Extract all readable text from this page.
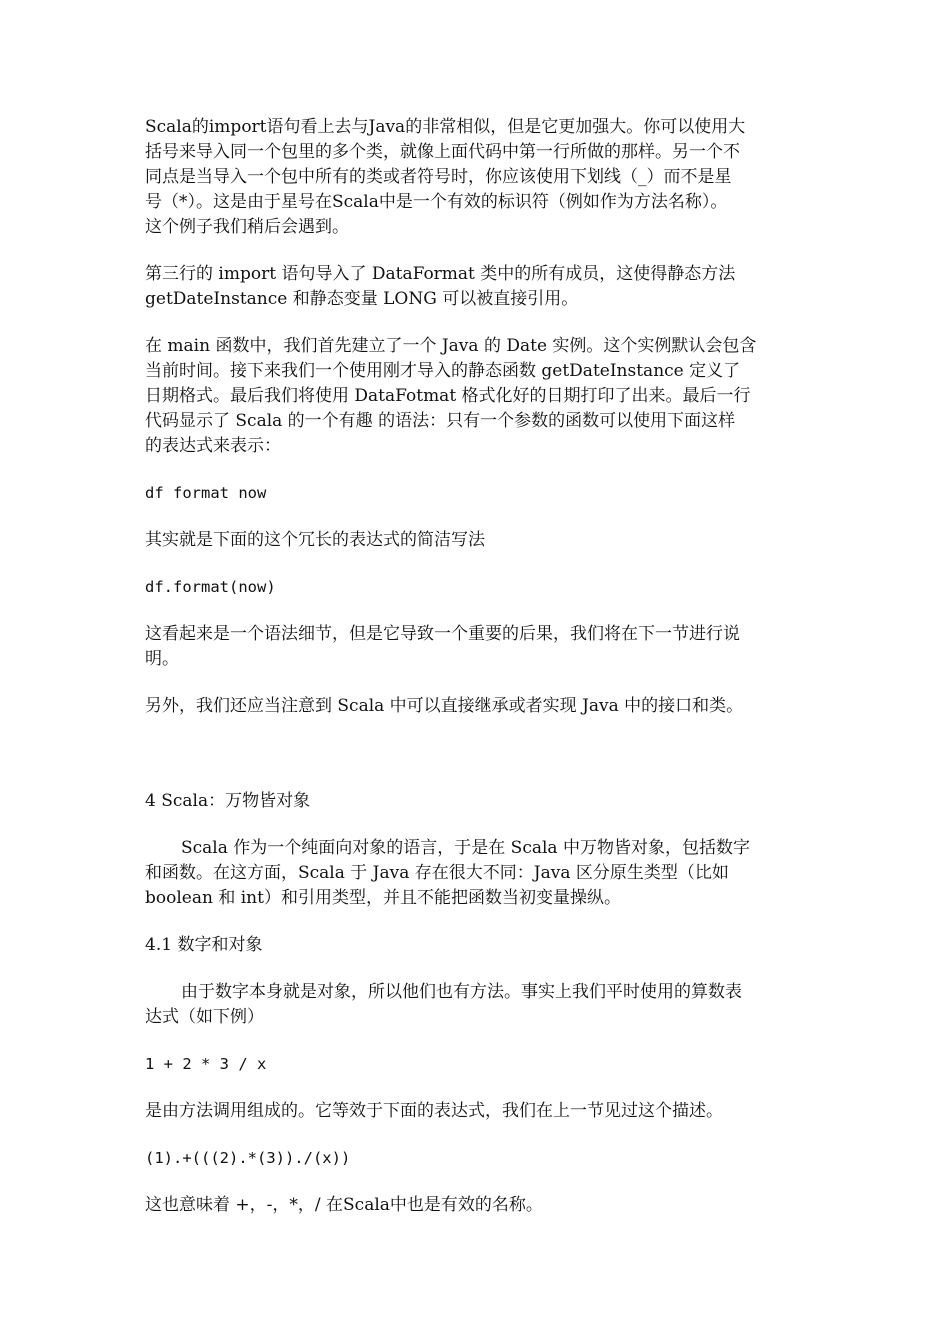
Scala的import语句看上去与Java的非常相似，但是它更加强大。你可以使用大
括号来导入同一个包里的多个类，就像上面代码中第一行所做的那样。另一个不
同点是当导入一个包中所有的类或者符号时，你应该使用下划线（_）而不是星
号（*）。这是由于星号在Scala中是一个有效的标识符（例如作为方法名称）。
这个例子我们稍后会遇到。
第三行的 import 语句导入了 DataFormat 类中的所有成员，这使得静态方法
getDateInstance 和静态变量 LONG 可以被直接引用。
在 main 函数中，我们首先建立了一个 Java 的 Date 实例。这个实例默认会包含
当前时间。接下来我们一个使用刚才导入的静态函数 getDateInstance 定义了
日期格式。最后我们将使用 DataFotmat 格式化好的日期打印了出来。最后一行
代码显示了 Scala 的一个有趣 的语法：只有一个参数的函数可以使用下面这样
的表达式来表示：
df format now
其实就是下面的这个冗长的表达式的简洁写法
df.format(now)
这看起来是一个语法细节，但是它导致一个重要的后果，我们将在下一节进行说
明。
另外，我们还应当注意到 Scala 中可以直接继承或者实现 Java 中的接口和类。
4 Scala：万物皆对象
Scala 作为一个纯面向对象的语言，于是在 Scala 中万物皆对象，包括数字
和函数。在这方面，Scala 于 Java 存在很大不同：Java 区分原生类型（比如
boolean 和 int）和引用类型，并且不能把函数当初变量操纵。
4.1 数字和对象
由于数字本身就是对象，所以他们也有方法。事实上我们平时使用的算数表
达式（如下例）
1 + 2 * 3 / x
是由方法调用组成的。它等效于下面的表达式，我们在上一节见过这个描述。
(1).+(((2).*(3))./(x))
这也意味着 +，-，*，/ 在Scala中也是有效的名称。
